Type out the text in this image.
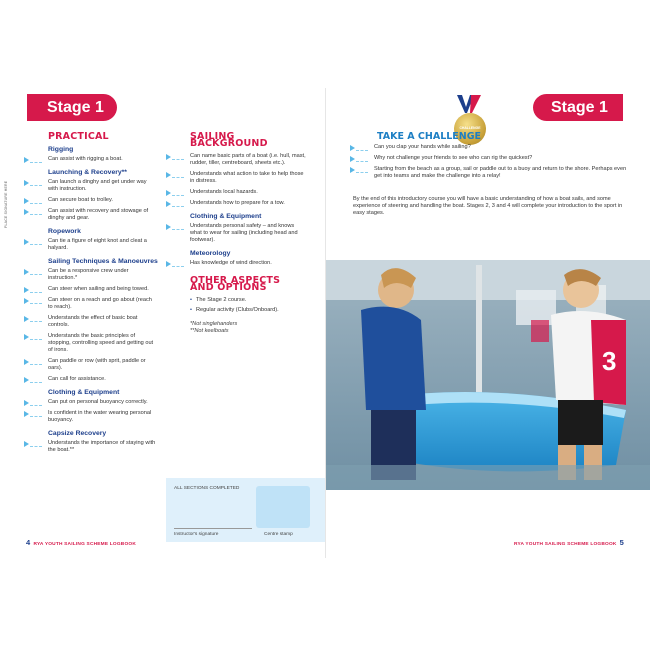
Stage 1
PLACE SIGNATURE HERE
PRACTICAL
Rigging
Can assist with rigging a boat.
Launching & Recovery**
Can launch a dinghy and get under way with instruction.
Can secure boat to trolley.
Can assist with recovery and stowage of dinghy and gear.
Ropework
Can tie a figure of eight knot and cleat a halyard.
Sailing Techniques & Manoeuvres
Can be a responsive crew under instruction.*
Can steer when sailing and being towed.
Can steer on a reach and go about (reach to reach).
Understands the effect of basic boat controls.
Understands the basic principles of stopping, controlling speed and getting out of irons.
Can paddle or row (with sprit, paddle or oars).
Can call for assistance.
Clothing & Equipment
Can put on personal buoyancy correctly.
Is confident in the water wearing personal buoyancy.
Capsize Recovery
Understands the importance of staying with the boat.**
SAILING BACKGROUND
Can name basic parts of a boat (i.e. hull, mast, rudder, tiller, centreboard, sheets etc.).
Understands what action to take to help those in distress.
Understands local hazards.
Understands how to prepare for a tow.
Clothing & Equipment
Understands personal safety – and knows what to wear for sailing (including head and footwear).
Meteorology
Has knowledge of wind direction.
OTHER ASPECTS AND OPTIONS
• The Stage 2 course.
• Regular activity (Clubs/Onboard).
*Not singlehanders
**Not keelboats
ALL SECTIONS COMPLETED
Instructor's signature	Centre stamp
4 RYA YOUTH SAILING SCHEME LOGBOOK
CHALLENGE
Stage 1
TAKE A CHALLENGE
Can you clap your hands while sailing?
Why not challenge your friends to see who can rig the quickest?
Starting from the beach as a group, sail or paddle out to a buoy and return to the shore. Perhaps even get into teams and make the challenge into a relay!
By the end of this introductory course you will have a basic understanding of how a boat sails, and some experience of steering and handling the boat. Stages 2, 3 and 4 will complete your introduction to the sport in easy stages.
3
RYA YOUTH SAILING SCHEME LOGBOOK 5
